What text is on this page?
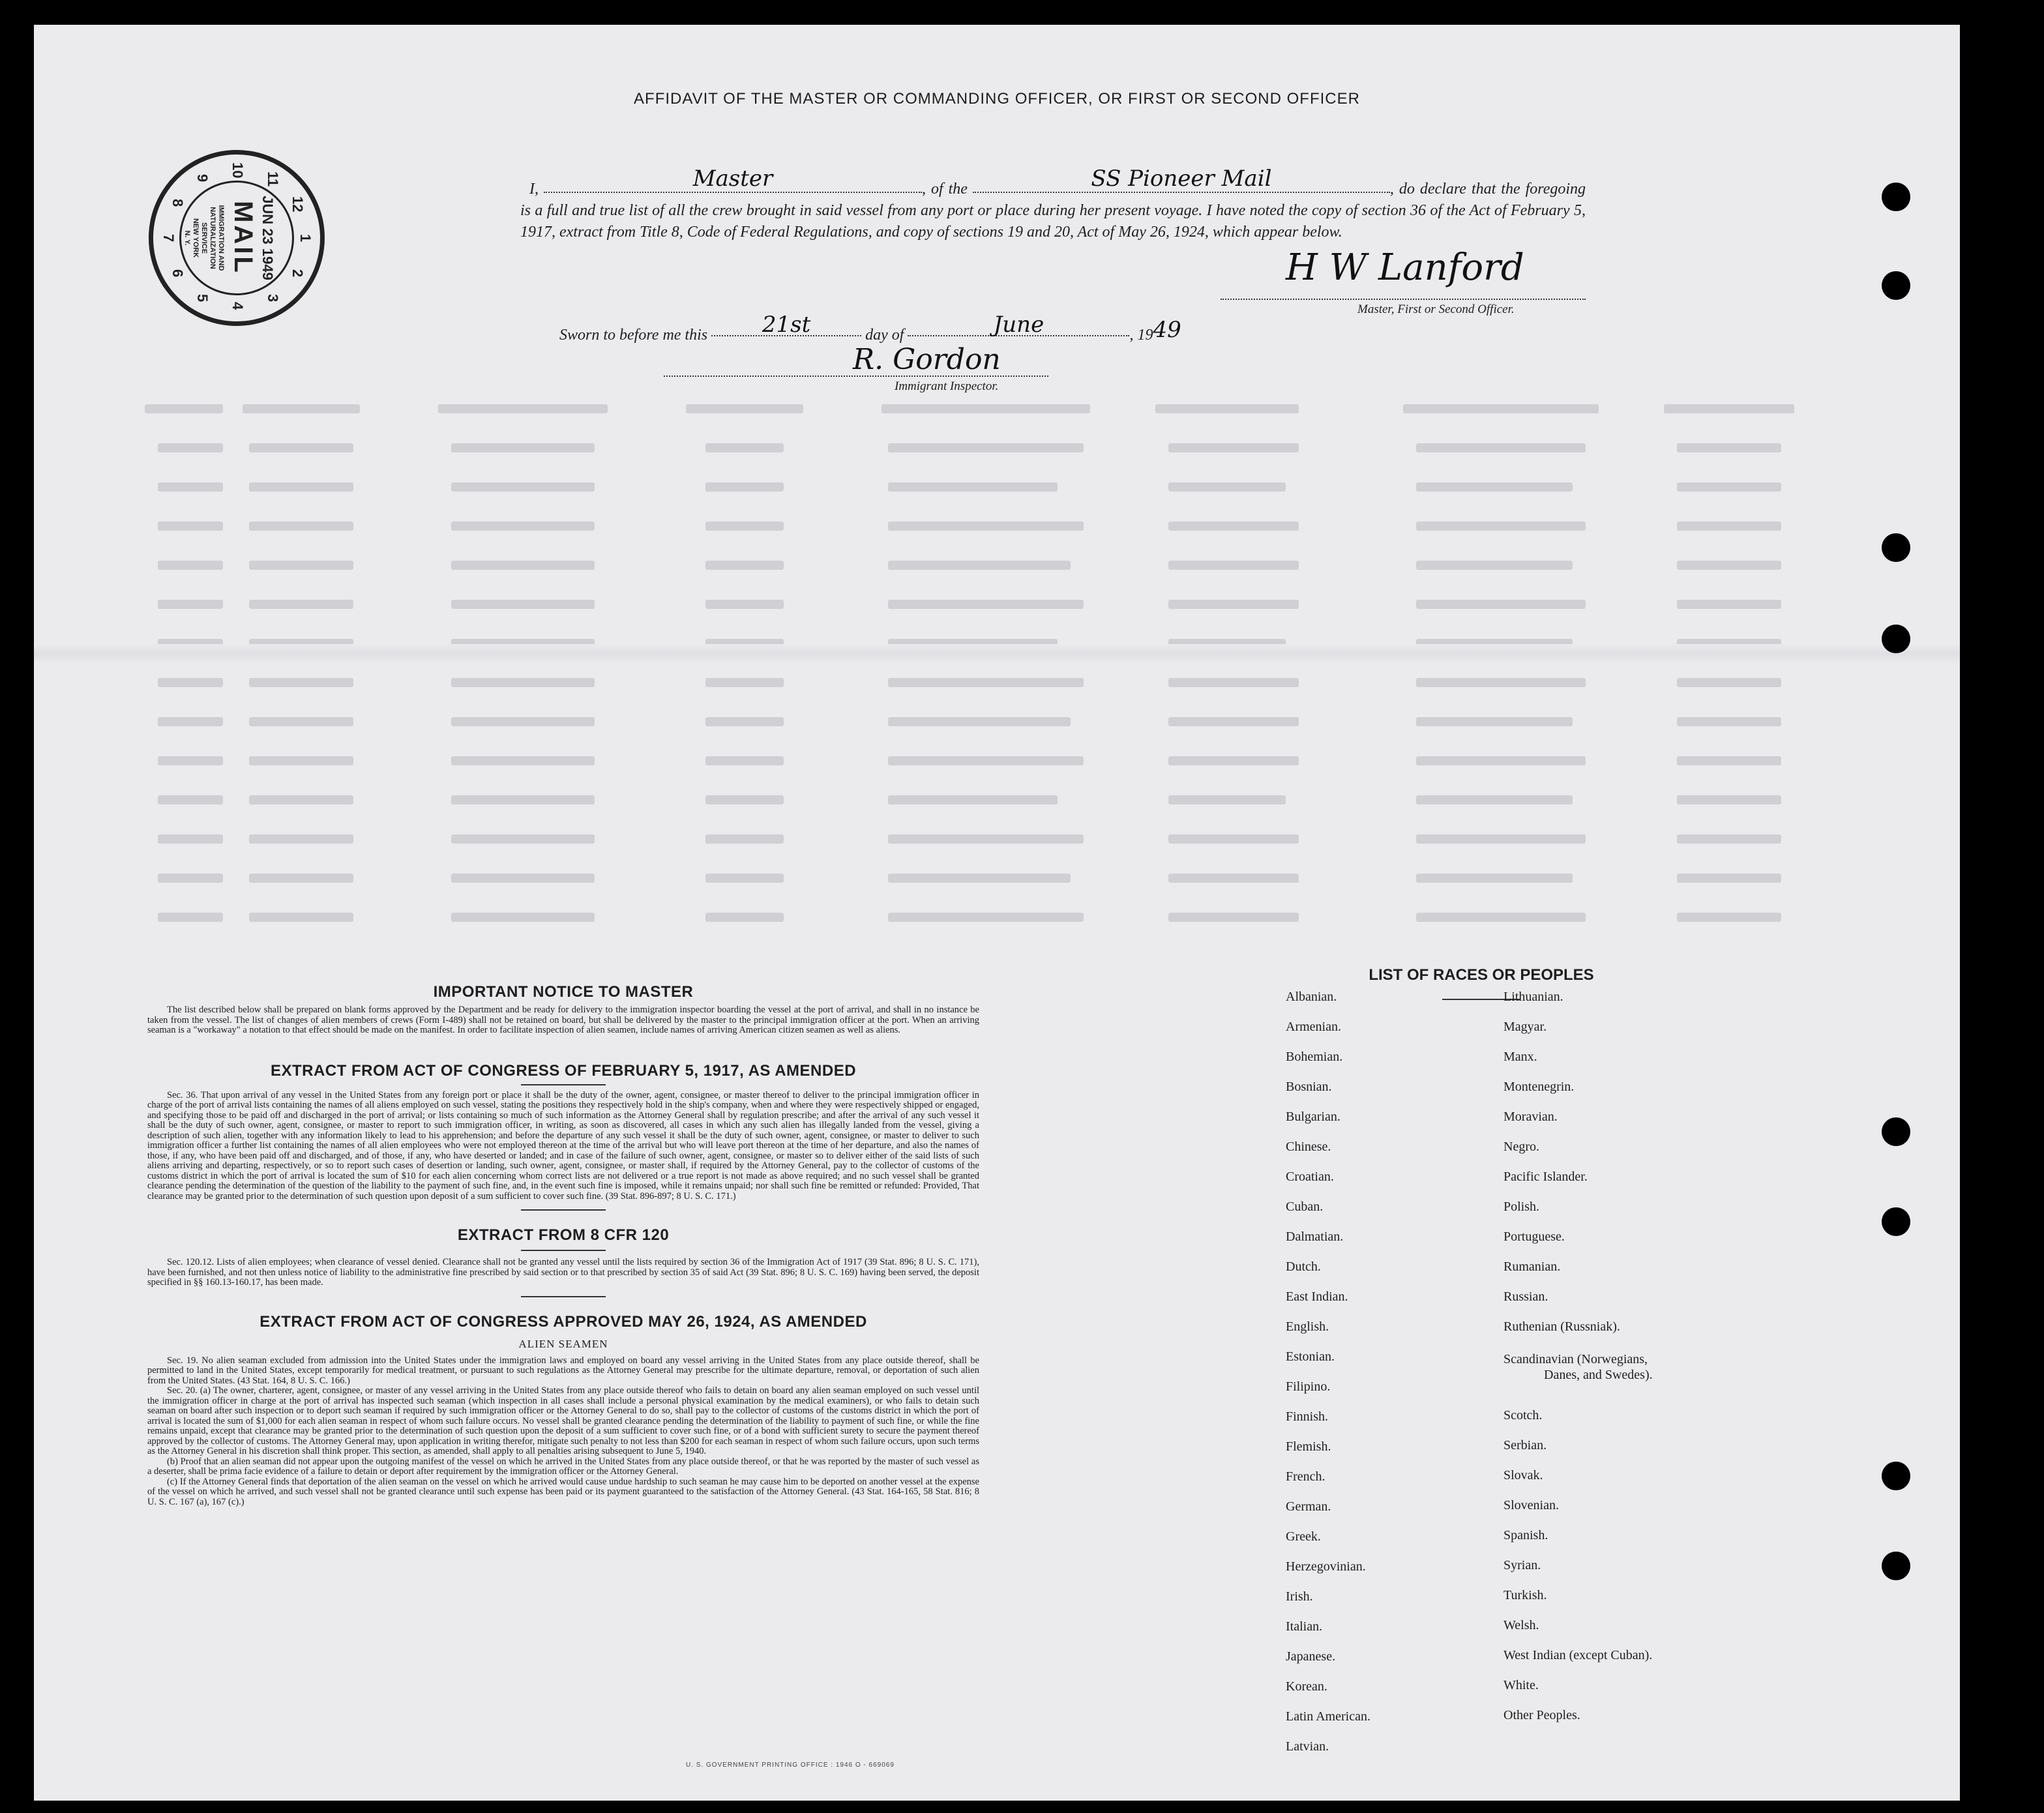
AFFIDAVIT OF THE MASTER OR COMMANDING OFFICER, OR FIRST OR SECOND OFFICER
JUN 23 1949
MAIL
IMMIGRATION AND
NATURALIZATION
SERVICE
NEW YORK
N. Y.	1
2
3
4
5
6
7
8
9 10
11
12
I,	Master	, of the	SS Pioneer Mail	, do declare that the foregoing is a full and true list of all the crew brought in said vessel from any port or place during her present voyage. I have noted the copy of section 36 of the Act of February 5, 1917, extract from Title 8, Code of Federal Regulations, and copy of sections 19 and 20, Act of May 26, 1924, which appear below.
H W Lanford
Master, First or Second Officer.
Sworn to before me this 21st	day of	June	, 1949
R. Gordon
Immigrant Inspector.
IMPORTANT NOTICE TO MASTER

The list described below shall be prepared on blank forms approved by the Department and be ready for delivery to the immigration inspector boarding the vessel at the port of arrival, and shall in no instance be taken from the vessel. The list of changes of alien members of crews (Form I-489) shall not be retained on board, but shall be delivered by the master to the principal immigration officer at the port. When an arriving seaman is a "workaway" a notation to that effect should be made on the manifest. In order to facilitate inspection of alien seamen, include names of arriving American citizen seamen as well as aliens.

EXTRACT FROM ACT OF CONGRESS OF FEBRUARY 5, 1917, AS AMENDED

Sec. 36. That upon arrival of any vessel in the United States from any foreign port or place it shall be the duty of the owner, agent, consignee, or master thereof to deliver to the principal immigration officer in charge of the port of arrival lists containing the names of all aliens employed on such vessel, stating the positions they respectively hold in the ship's company, when and where they were respectively shipped or engaged, and specifying those to be paid off and discharged in the port of arrival; or lists containing so much of such information as the Attorney General shall by regulation prescribe; and after the arrival of any such vessel it shall be the duty of such owner, agent, consignee, or master to report to such immigration officer, in writing, as soon as discovered, all cases in which any such alien has illegally landed from the vessel, giving a description of such alien, together with any information likely to lead to his apprehension; and before the departure of any such vessel it shall be the duty of such owner, agent, consignee, or master to deliver to such immigration officer a further list containing the names of all alien employees who were not employed thereon at the time of the arrival but who will leave port thereon at the time of her departure, and also the names of those, if any, who have been paid off and discharged, and of those, if any, who have deserted or landed; and in case of the failure of such owner, agent, consignee, or master so to deliver either of the said lists of such aliens arriving and departing, respectively, or so to report such cases of desertion or landing, such owner, agent, consignee, or master shall, if required by the Attorney General, pay to the collector of customs of the customs district in which the port of arrival is located the sum of $10 for each alien concerning whom correct lists are not delivered or a true report is not made as above required; and no such vessel shall be granted clearance pending the determination of the question of the liability to the payment of such fine, and, in the event such fine is imposed, while it remains unpaid; nor shall such fine be remitted or refunded: Provided, That clearance may be granted prior to the determination of such question upon deposit of a sum sufficient to cover such fine. (39 Stat. 896-897; 8 U. S. C. 171.)

EXTRACT FROM 8 CFR 120

Sec. 120.12. Lists of alien employees; when clearance of vessel denied. Clearance shall not be granted any vessel until the lists required by section 36 of the Immigration Act of 1917 (39 Stat. 896; 8 U. S. C. 171), have been furnished, and not then unless notice of liability to the administrative fine prescribed by said section or to that prescribed by section 35 of said Act (39 Stat. 896; 8 U. S. C. 169) having been served, the deposit specified in §§ 160.13-160.17, has been made.

EXTRACT FROM ACT OF CONGRESS APPROVED MAY 26, 1924, AS AMENDED
ALIEN SEAMEN

Sec. 19. No alien seaman excluded from admission into the United States under the immigration laws and employed on board any vessel arriving in the United States from any place outside thereof, shall be permitted to land in the United States, except temporarily for medical treatment, or pursuant to such regulations as the Attorney General may prescribe for the ultimate departure, removal, or deportation of such alien from the United States. (43 Stat. 164, 8 U. S. C. 166.)

Sec. 20. (a) The owner, charterer, agent, consignee, or master of any vessel arriving in the United States from any place outside thereof who fails to detain on board any alien seaman employed on such vessel until the immigration officer in charge at the port of arrival has inspected such seaman (which inspection in all cases shall include a personal physical examination by the medical examiners), or who fails to detain such seaman on board after such inspection or to deport such seaman if required by such immigration officer or the Attorney General to do so, shall pay to the collector of customs of the customs district in which the port of arrival is located the sum of $1,000 for each alien seaman in respect of whom such failure occurs. No vessel shall be granted clearance pending the determination of the liability to payment of such fine, or while the fine remains unpaid, except that clearance may be granted prior to the determination of such question upon the deposit of a sum sufficient to cover such fine, or of a bond with sufficient surety to secure the payment thereof approved by the collector of customs. The Attorney General may, upon application in writing therefor, mitigate such penalty to not less than $200 for each seaman in respect of whom such failure occurs, upon such terms as the Attorney General in his discretion shall think proper. This section, as amended, shall apply to all penalties arising subsequent to June 5, 1940.

(b) Proof that an alien seaman did not appear upon the outgoing manifest of the vessel on which he arrived in the United States from any place outside thereof, or that he was reported by the master of such vessel as a deserter, shall be prima facie evidence of a failure to detain or deport after requirement by the immigration officer or the Attorney General.

(c) If the Attorney General finds that deportation of the alien seaman on the vessel on which he arrived would cause undue hardship to such seaman he may cause him to be deported on another vessel at the expense of the vessel on which he arrived, and such vessel shall not be granted clearance until such expense has been paid or its payment guaranteed to the satisfaction of the Attorney General. (43 Stat. 164-165, 58 Stat. 816; 8 U. S. C. 167 (a), 167 (c).)

LIST OF RACES OR PEOPLES
Albanian.
Armenian.
Bohemian.
Bosnian.
Bulgarian.
Chinese.
Croatian.
Cuban.
Dalmatian.
Dutch.
East Indian.
English.
Estonian.
Filipino.
Finnish.
Flemish.
French.
German.
Greek.
Herzegovinian.
Irish.
Italian.
Japanese.
Korean.
Latin American.
Latvian.
Lithuanian.
Magyar.
Manx.
Montenegrin.
Moravian.
Negro.
Pacific Islander.
Polish.
Portuguese.
Rumanian.
Russian.
Ruthenian (Russniak).
Scandinavian (Norwegians,
Danes, and Swedes).
Scotch.
Serbian.
Slovak.
Slovenian.
Spanish.
Syrian.
Turkish.
Welsh.
West Indian (except Cuban).
White.
Other Peoples.
U. S. GOVERNMENT PRINTING OFFICE : 1946 O - 669069
